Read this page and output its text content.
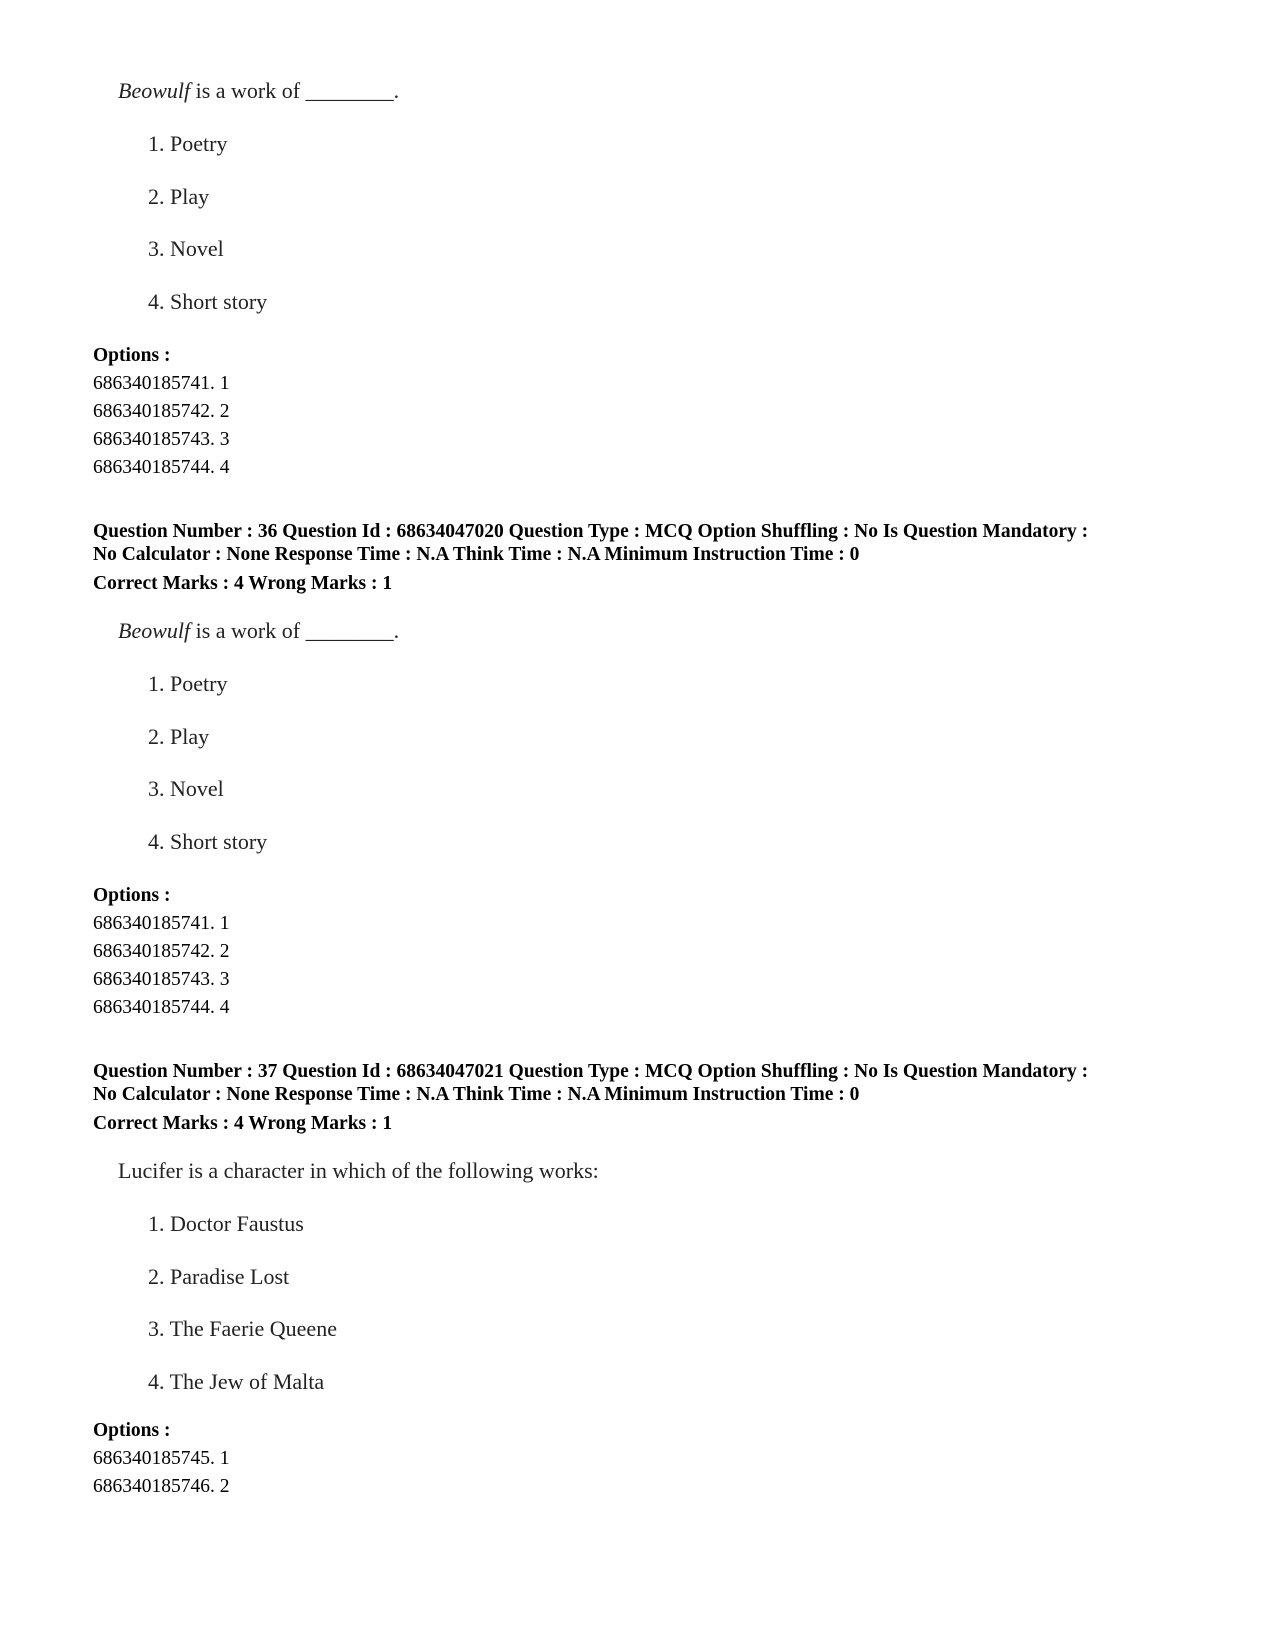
Beowulf is a work of ________.
1. Poetry
2. Play
3. Novel
4. Short story
Options :
686340185741. 1
686340185742. 2
686340185743. 3
686340185744. 4
Question Number : 36 Question Id : 68634047020 Question Type : MCQ Option Shuffling : No Is Question Mandatory :
No Calculator : None Response Time : N.A Think Time : N.A Minimum Instruction Time : 0
Correct Marks : 4 Wrong Marks : 1
Beowulf is a work of ________.
1. Poetry
2. Play
3. Novel
4. Short story
Options :
686340185741. 1
686340185742. 2
686340185743. 3
686340185744. 4
Question Number : 37 Question Id : 68634047021 Question Type : MCQ Option Shuffling : No Is Question Mandatory :
No Calculator : None Response Time : N.A Think Time : N.A Minimum Instruction Time : 0
Correct Marks : 4 Wrong Marks : 1
Lucifer is a character in which of the following works:
1. Doctor Faustus
2. Paradise Lost
3. The Faerie Queene
4. The Jew of Malta
Options :
686340185745. 1
686340185746. 2
